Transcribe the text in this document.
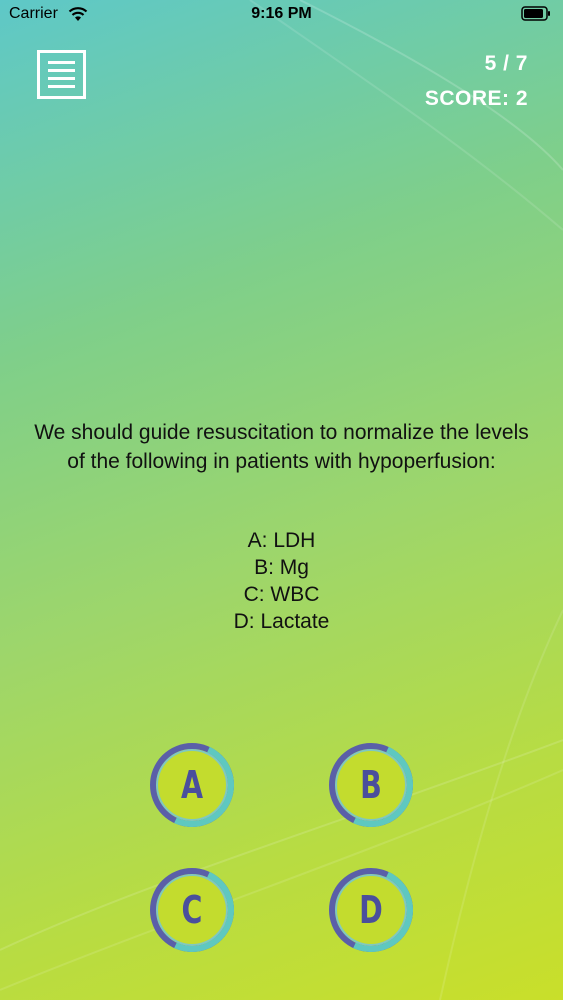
Carrier	9:16 PM
5 / 7
SCORE: 2
We should guide resuscitation to normalize the levels of the following in patients with hypoperfusion:
A: LDH
B: Mg
C: WBC
D: Lactate
A	B
C	D
